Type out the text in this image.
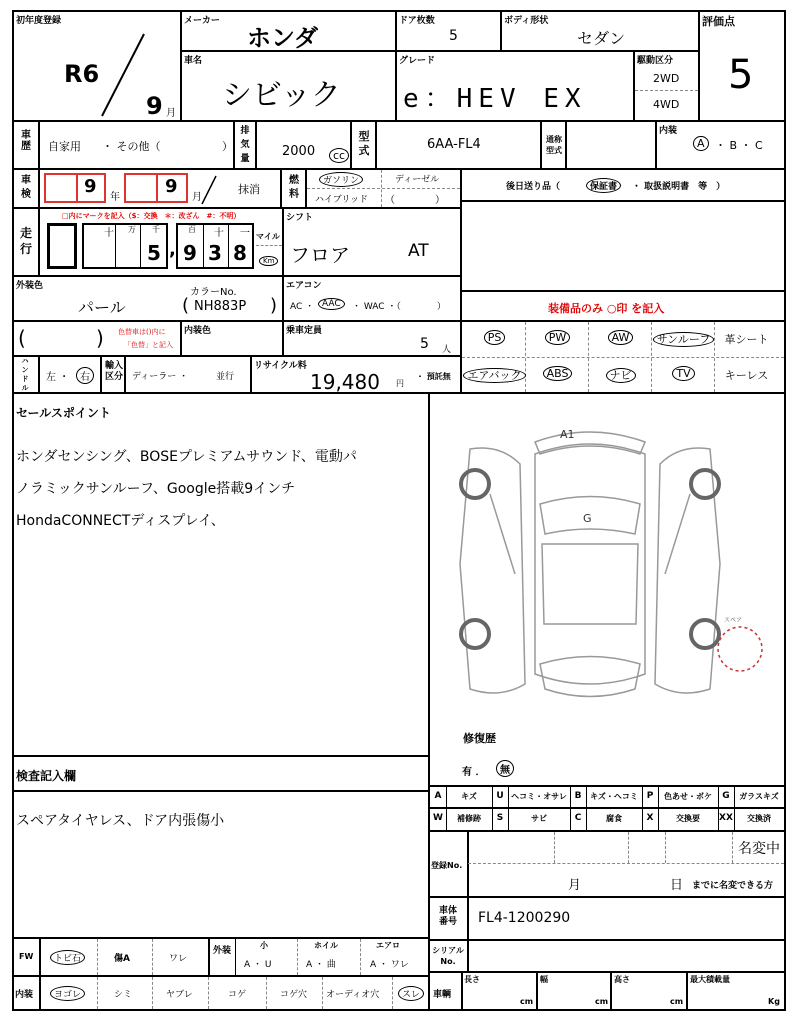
初年度登録
R6
9 月
メーカー
ホンダ
ドア枚数
5
ボディ形状
セダン
評価点
5
車名
シビック
グレード
e：HEV EX
駆動区分
2WD
4WD
車歴 自家用 ・ その他（	）
排気量	2000	cc
型式	6AA-FL4	通称型式
内装
A ・ B ・ C
車検	9
年
9
月
抹消
燃料
ガソリン	ディーゼル
ハイブリッド （　　　　）
後日送り品（	保証書	・ 取扱説明書　等　）
走行
□内にマークを記入（$：交換　＊：改ざん　#：不明）
十 万 千
5 ,
百 十 一
9 3 8
マイル
Km
シフト
フロア	AT
外装色
パール
カラーNo.
( NH883P )
エアコン
AC ・ AAC	・ WAC ・（　　　　）	装備品のみ ○印 を記入
(	) 色替車は()内に
「色替」と記入
内装色	乗車定員
5 人
PS	PW	AW	サンルーフ	革シート
エアバック	ABS	ナビ	TV	キーレス
ハンドル
左 ・	右
輸入区分 ディーラー ・	並行
リサイクル料
19,480 円
・ 預託無
セールスポイント
ホンダセンシング、BOSEプレミアムサウンド、電動パ
ノラミックサンルーフ、Google搭載9インチ
HondaCONNECTディスプレイ、
検査記入欄
スペアタイヤレス、ドア内張傷小
A1
G
スペア
修復歴
有 ．	無
A	キズ	U ヘコミ・オサレ B	キズ・ヘコミ P	色あせ・ボケ	G	ガラスキズ
W	補修跡	S	サビ	C	腐食	X	交換要	XX	交換済
登録No.
名変中
月	日 までに名変できる方
車体番号 FL4-1200290
シリアルNo.
車輌
長さ
cm
幅
cm
高さ
cm
最大積載量
Kg
FW	トビ石	傷A	ワレ
外装
小
A ・ U
ホイル
A ・ 曲
エアロ
A ・ ワレ
内装	ヨゴレ	シミ	ヤブレ	コゲ	コゲ穴 オーディオ穴	スレ
